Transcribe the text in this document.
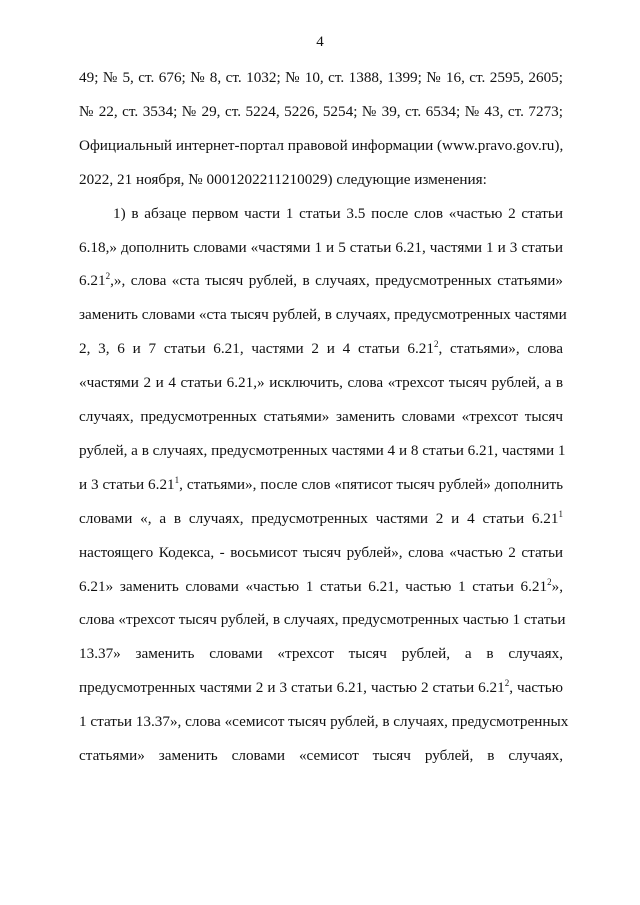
4
49; № 5, ст. 676; № 8, ст. 1032; № 10, ст. 1388, 1399; № 16, ст. 2595, 2605;
№ 22, ст. 3534; № 29, ст. 5224, 5226, 5254; № 39, ст. 6534; № 43, ст. 7273;
Официальный интернет-портал правовой информации (www.pravo.gov.ru),
2022, 21 ноября, № 0001202211210029) следующие изменения:
1) в абзаце первом части 1 статьи 3.5 после слов «частью 2 статьи
6.18,» дополнить словами «частями 1 и 5 статьи 6.21, частями 1 и 3 статьи
6.21$^2$,», слова «ста тысяч рублей, в случаях, предусмотренных статьями»
заменить словами «ста тысяч рублей, в случаях, предусмотренных частями
2, 3, 6 и 7 статьи 6.21, частями 2 и 4 статьи 6.21$^2$, статьями», слова
«частями 2 и 4 статьи 6.21,» исключить, слова «трехсот тысяч рублей, а в
случаях, предусмотренных статьями» заменить словами «трехсот тысяч
рублей, а в случаях, предусмотренных частями 4 и 8 статьи 6.21, частями 1
и 3 статьи 6.21$^1$, статьями», после слов «пятисот тысяч рублей» дополнить
словами «, а в случаях, предусмотренных частями 2 и 4 статьи 6.21$^1$
настоящего Кодекса, - восьмисот тысяч рублей», слова «частью 2 статьи
6.21» заменить словами «частью 1 статьи 6.21, частью 1 статьи 6.21$^2$»,
слова «трехсот тысяч рублей, в случаях, предусмотренных частью 1 статьи
13.37» заменить словами «трехсот тысяч рублей, а в случаях,
предусмотренных частями 2 и 3 статьи 6.21, частью 2 статьи 6.21$^2$, частью
1 статьи 13.37», слова «семисот тысяч рублей, в случаях, предусмотренных
статьями» заменить словами «семисот тысяч рублей, в случаях,
